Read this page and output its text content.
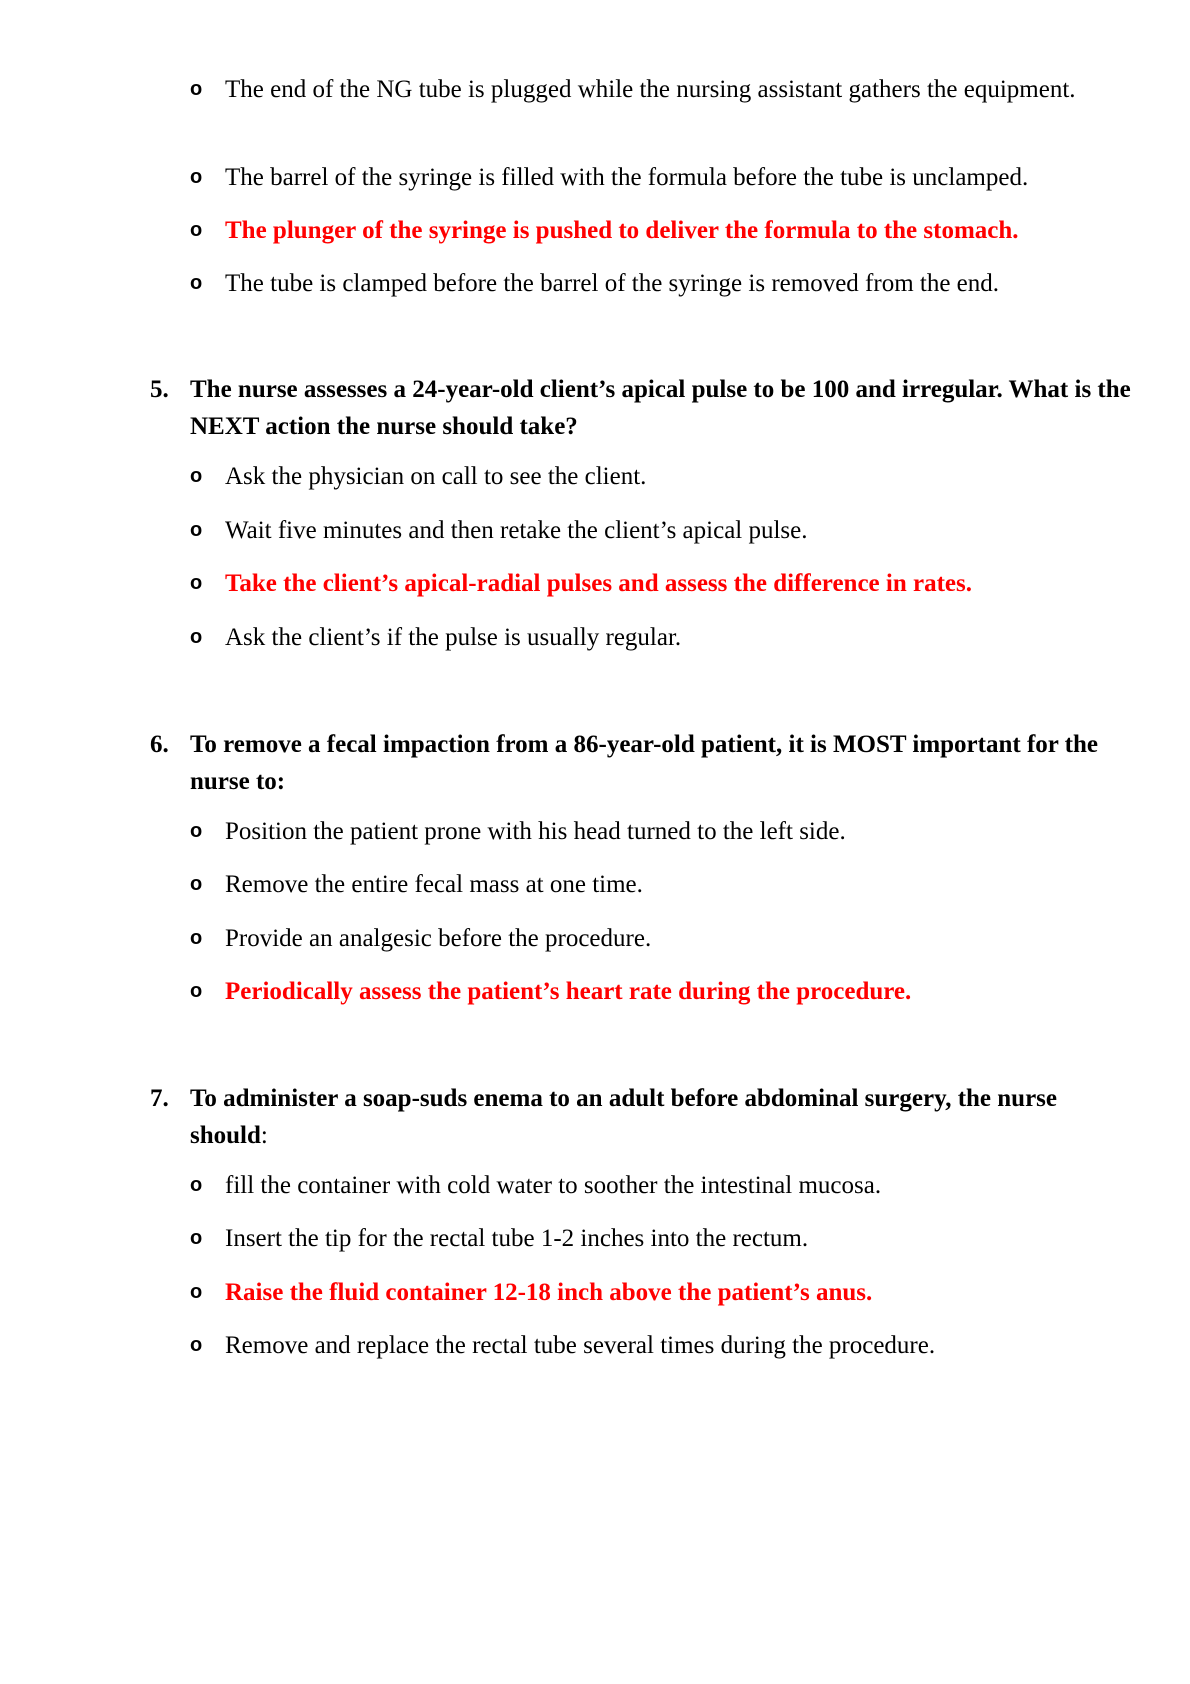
o The end of the NG tube is plugged while the nursing assistant gathers the equipment.
o The barrel of the syringe is filled with the formula before the tube is unclamped.
o The plunger of the syringe is pushed to deliver the formula to the stomach.
o The tube is clamped before the barrel of the syringe is removed from the end.
5. The nurse assesses a 24-year-old client’s apical pulse to be 100 and irregular. What is the NEXT action the nurse should take?
o Ask the physician on call to see the client.
o Wait five minutes and then retake the client’s apical pulse.
o Take the client’s apical-radial pulses and assess the difference in rates.
o Ask the client’s if the pulse is usually regular.
6. To remove a fecal impaction from a 86-year-old patient, it is MOST important for the nurse to:
o Position the patient prone with his head turned to the left side.
o Remove the entire fecal mass at one time.
o Provide an analgesic before the procedure.
o Periodically assess the patient’s heart rate during the procedure.
7. To administer a soap-suds enema to an adult before abdominal surgery, the nurse should:
o fill the container with cold water to soother the intestinal mucosa.
o Insert the tip for the rectal tube 1-2 inches into the rectum.
o Raise the fluid container 12-18 inch above the patient’s anus.
o Remove and replace the rectal tube several times during the procedure.
